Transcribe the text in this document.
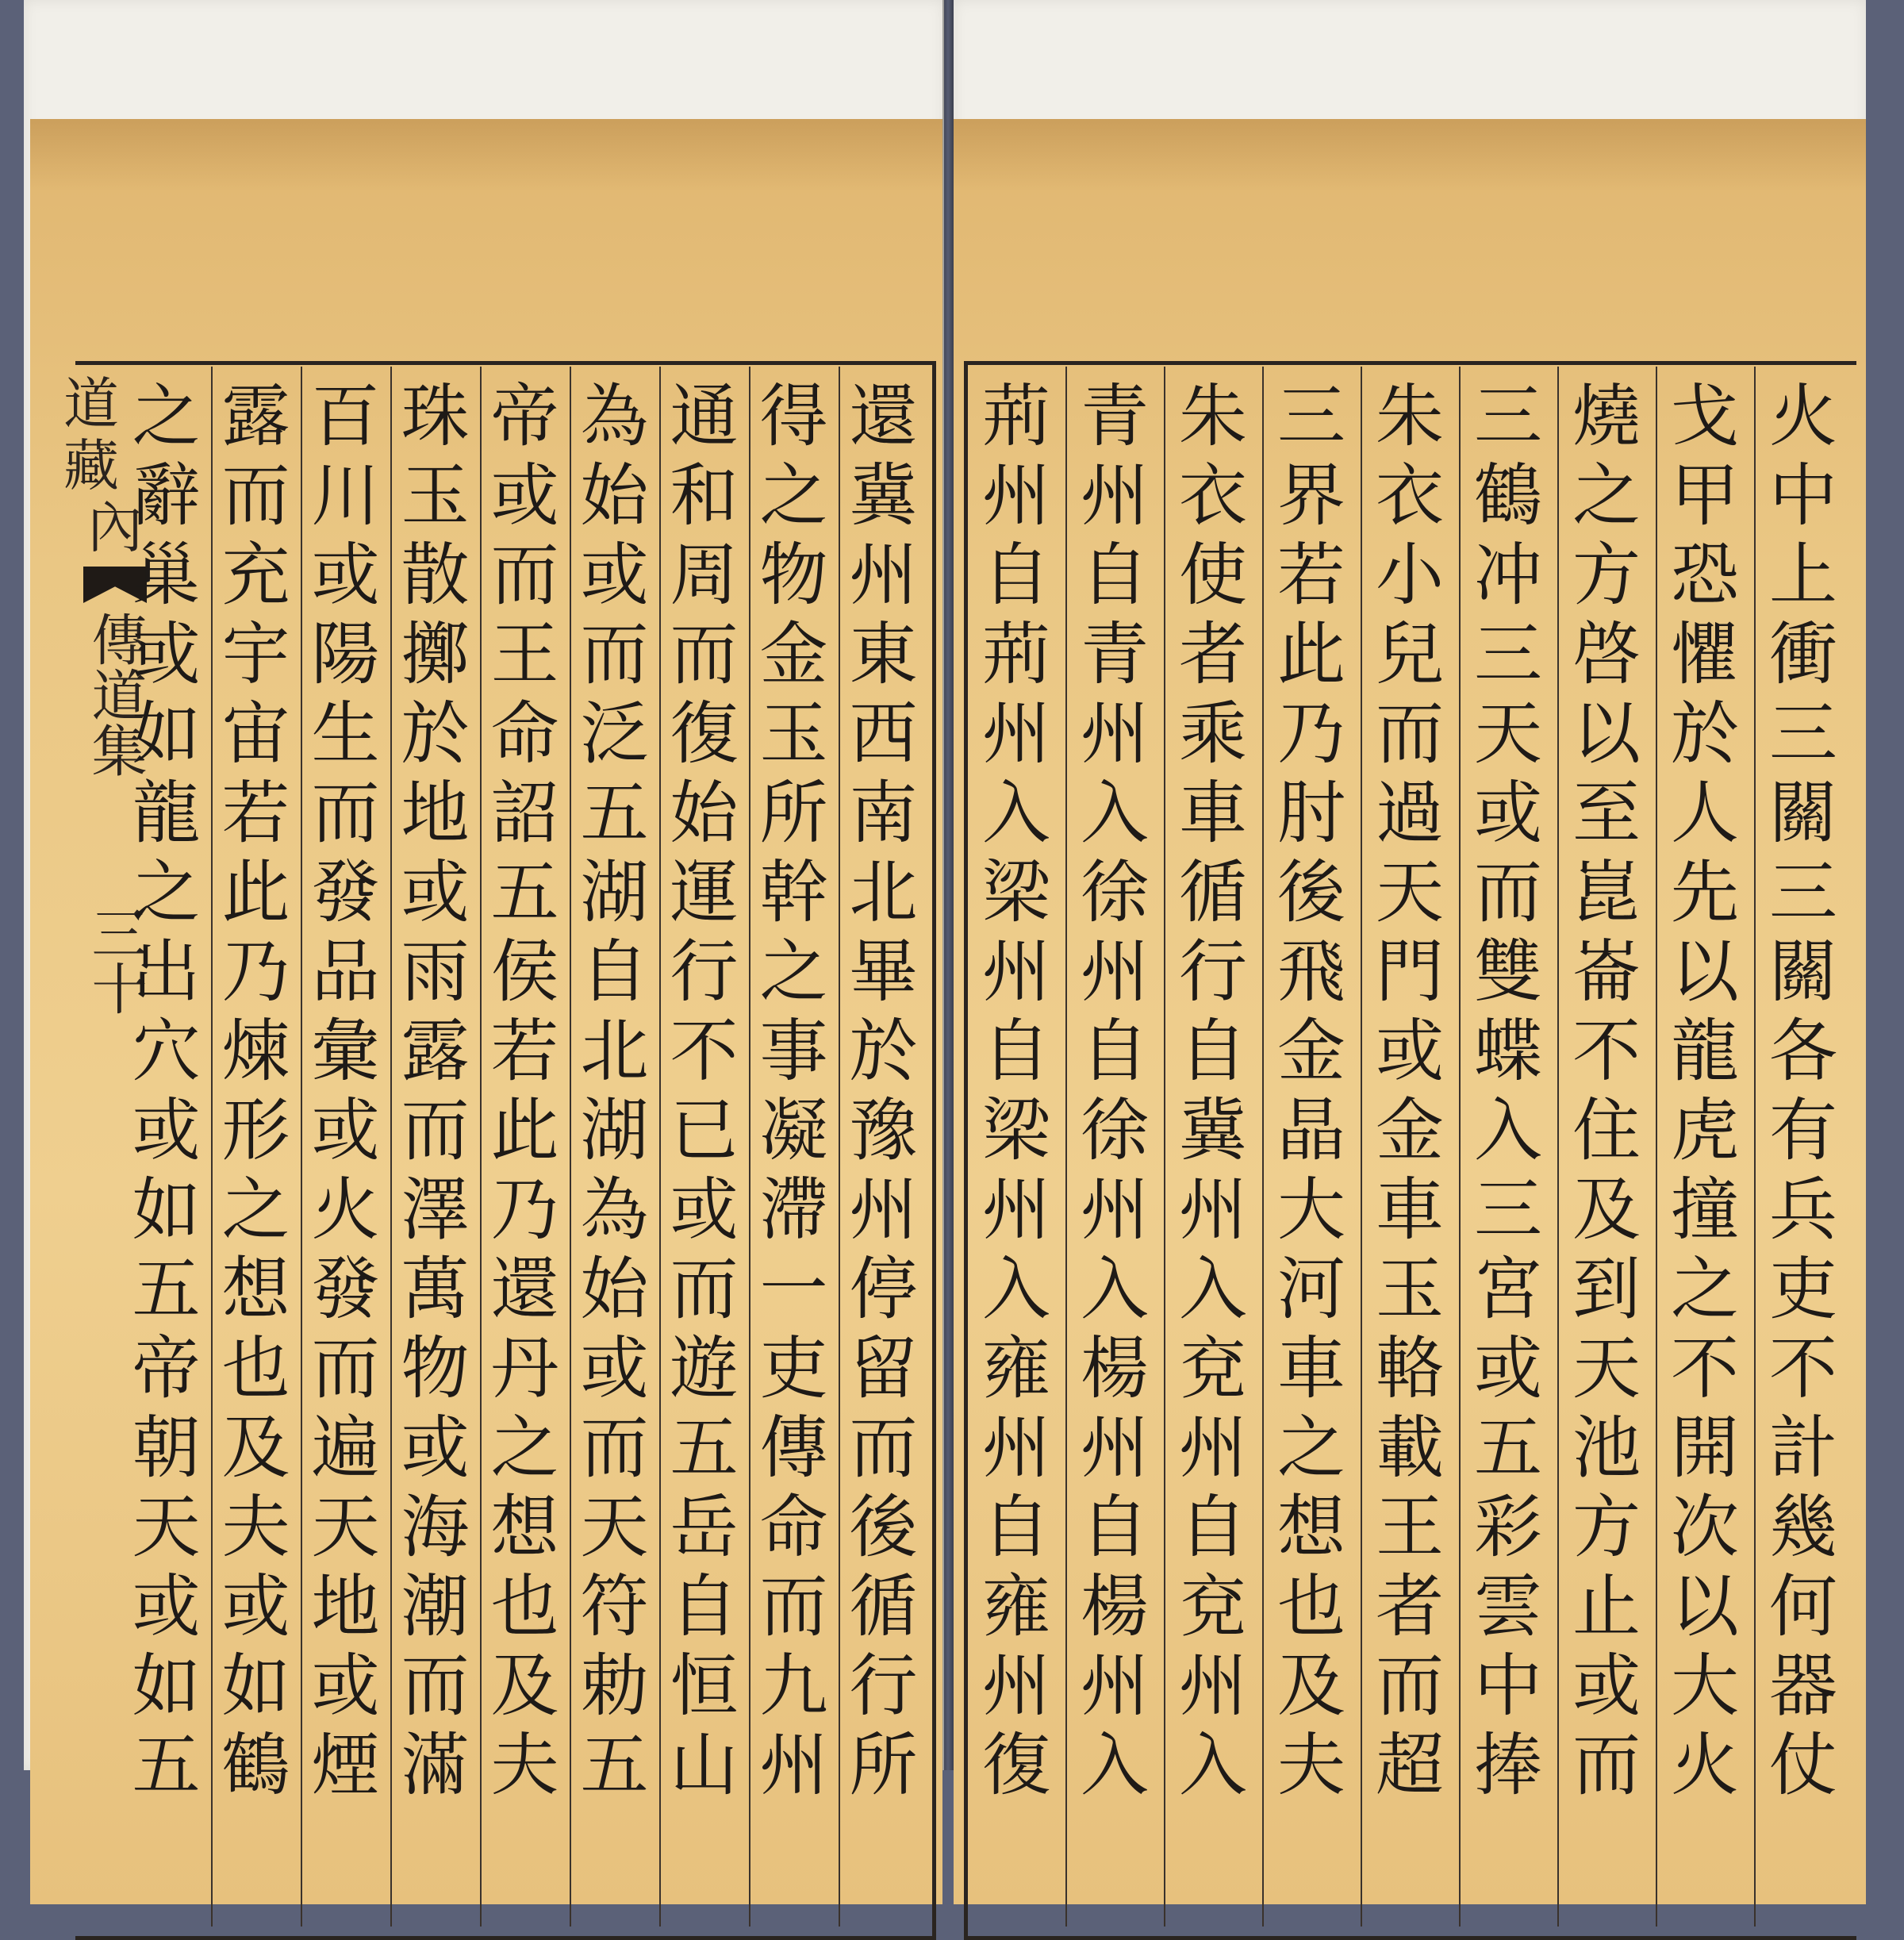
道藏
內
傳道集
三十
還
冀
州
東
西
南
北
畢
於
豫
州
停
留
而
後
循
行
所
得
之
物
金
玉
所
幹
之
事
凝
滯
一
吏
傳
命
而
九
州
通
和
周
而
復
始
運
行
不
已
或
而
遊
五
岳
自
恒
山
為
始
或
而
泛
五
湖
自
北
湖
為
始
或
而
天
符
勅
五
帝
或
而
王
命
詔
五
侯
若
此
乃
還
丹
之
想
也
及
夫
珠
玉
散
擲
於
地
或
雨
露
而
澤
萬
物
或
海
潮
而
滿
百
川
或
陽
生
而
發
品
彙
或
火
發
而
遍
天
地
或
煙
露
而
充
宇
宙
若
此
乃
煉
形
之
想
也
及
夫
或
如
鶴
之
辭
巢
或
如
龍
之
出
穴
或
如
五
帝
朝
天
或
如
五
火
中
上
衝
三
關
三
關
各
有
兵
吏
不
計
幾
何
器
仗
戈
甲
恐
懼
於
人
先
以
龍
虎
撞
之
不
開
次
以
大
火
燒
之
方
啓
以
至
崑
崙
不
住
及
到
天
池
方
止
或
而
三
鶴
冲
三
天
或
而
雙
蝶
入
三
宮
或
五
彩
雲
中
捧
朱
衣
小
兒
而
過
天
門
或
金
車
玉
輅
載
王
者
而
超
三
界
若
此
乃
肘
後
飛
金
晶
大
河
車
之
想
也
及
夫
朱
衣
使
者
乘
車
循
行
自
冀
州
入
兗
州
自
兗
州
入
青
州
自
青
州
入
徐
州
自
徐
州
入
楊
州
自
楊
州
入
荊
州
自
荊
州
入
梁
州
自
梁
州
入
雍
州
自
雍
州
復
